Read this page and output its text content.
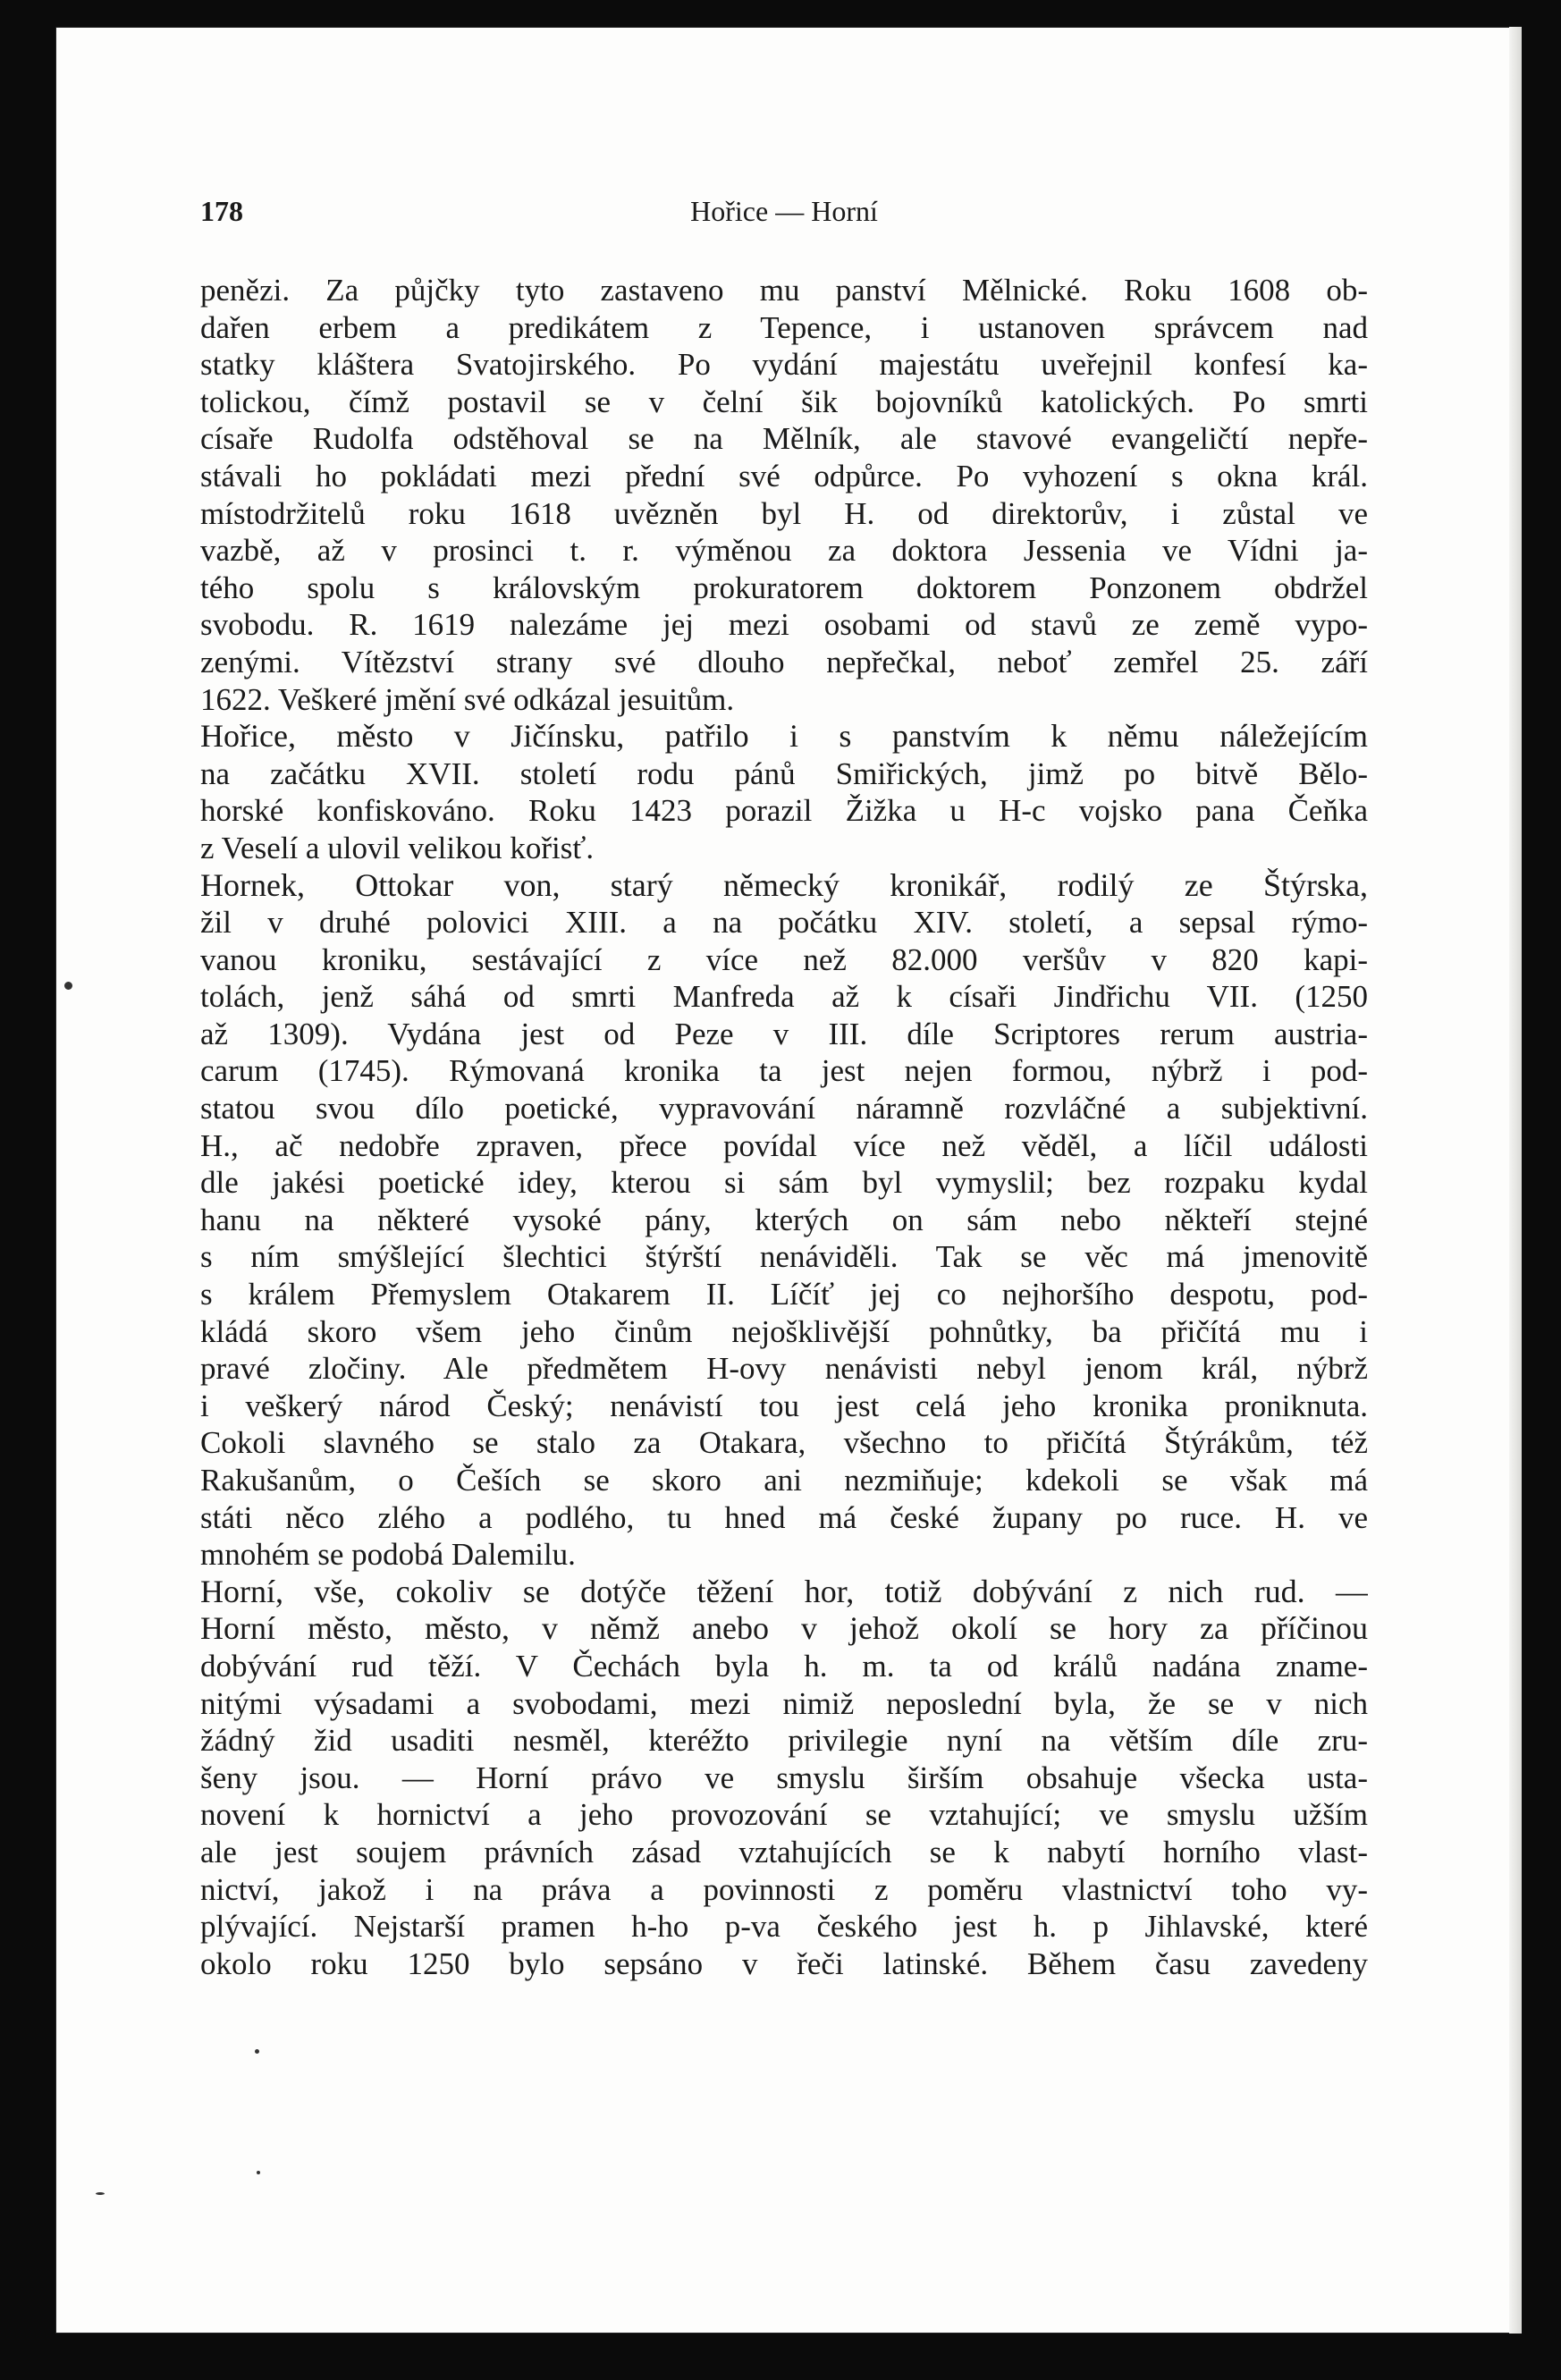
178	Hořice — Horní
penězi. Za půjčky tyto zastaveno mu panství Mělnické. Roku 1608 ob-
dařen erbem a predikátem z Tepence, i ustanoven správcem nad
statky kláštera Svatojirského. Po vydání majestátu uveřejnil konfesí ka-
tolickou, čímž postavil se v čelní šik bojovníků katolických. Po smrti
císaře Rudolfa odstěhoval se na Mělník, ale stavové evangeličtí nepře-
stávali ho pokládati mezi přední své odpůrce. Po vyhození s okna král.
místodržitelů roku 1618 uvězněn byl H. od direktorův, i zůstal ve
vazbě, až v prosinci t. r. výměnou za doktora Jessenia ve Vídni ja-
tého spolu s královským prokuratorem doktorem Ponzonem obdržel
svobodu. R. 1619 nalezáme jej mezi osobami od stavů ze země vypo-
zenými. Vítězství strany své dlouho nepřečkal, neboť zemřel 25. září
1622. Veškeré jmění své odkázal jesuitům.
Hořice, město v Jičínsku, patřilo i s panstvím k němu náležejícím
na začátku XVII. století rodu pánů Smiřických, jimž po bitvě Bělo-
horské konfiskováno. Roku 1423 porazil Žižka u H-c vojsko pana Čeňka
z Veselí a ulovil velikou kořisť.
Hornek, Ottokar von, starý německý kronikář, rodilý ze Štýrska,
žil v druhé polovici XIII. a na počátku XIV. století, a sepsal rýmo-
vanou kroniku, sestávající z více než 82.000 veršův v 820 kapi-
tolách, jenž sáhá od smrti Manfreda až k císaři Jindřichu VII. (1250
až 1309). Vydána jest od Peze v III. díle Scriptores rerum austria-
carum (1745). Rýmovaná kronika ta jest nejen formou, nýbrž i pod-
statou svou dílo poetické, vypravování náramně rozvláčné a subjektivní.
H., ač nedobře zpraven, přece povídal více než věděl, a líčil události
dle jakési poetické idey, kterou si sám byl vymyslil; bez rozpaku kydal
hanu na některé vysoké pány, kterých on sám nebo někteří stejné
s ním smýšlející šlechtici štýrští nenáviděli. Tak se věc má jmenovitě
s králem Přemyslem Otakarem II. Líčíť jej co nejhoršího despotu, pod-
kládá skoro všem jeho činům nejošklivější pohnůtky, ba přičítá mu i
pravé zločiny. Ale předmětem H-ovy nenávisti nebyl jenom král, nýbrž
i veškerý národ Český; nenávistí tou jest celá jeho kronika proniknuta.
Cokoli slavného se stalo za Otakara, všechno to přičítá Štýrákům, též
Rakušanům, o Češích se skoro ani nezmiňuje; kdekoli se však má
státi něco zlého a podlého, tu hned má české župany po ruce. H. ve
mnohém se podobá Dalemilu.
Horní, vše, cokoliv se dotýče těžení hor, totiž dobývání z nich rud. —
Horní město, město, v němž anebo v jehož okolí se hory za příčinou
dobývání rud těží. V Čechách byla h. m. ta od králů nadána zname-
nitými výsadami a svobodami, mezi nimiž neposlední byla, že se v nich
žádný žid usaditi nesměl, kteréžto privilegie nyní na větším díle zru-
šeny jsou. — Horní právo ve smyslu širším obsahuje všecka usta-
novení k hornictví a jeho provozování se vztahující; ve smyslu užším
ale jest soujem právních zásad vztahujících se k nabytí horního vlast-
nictví, jakož i na práva a povinnosti z poměru vlastnictví toho vy-
plývající. Nejstarší pramen h-ho p-va českého jest h. p Jihlavské, které
okolo roku 1250 bylo sepsáno v řeči latinské. Během času zavedeny
